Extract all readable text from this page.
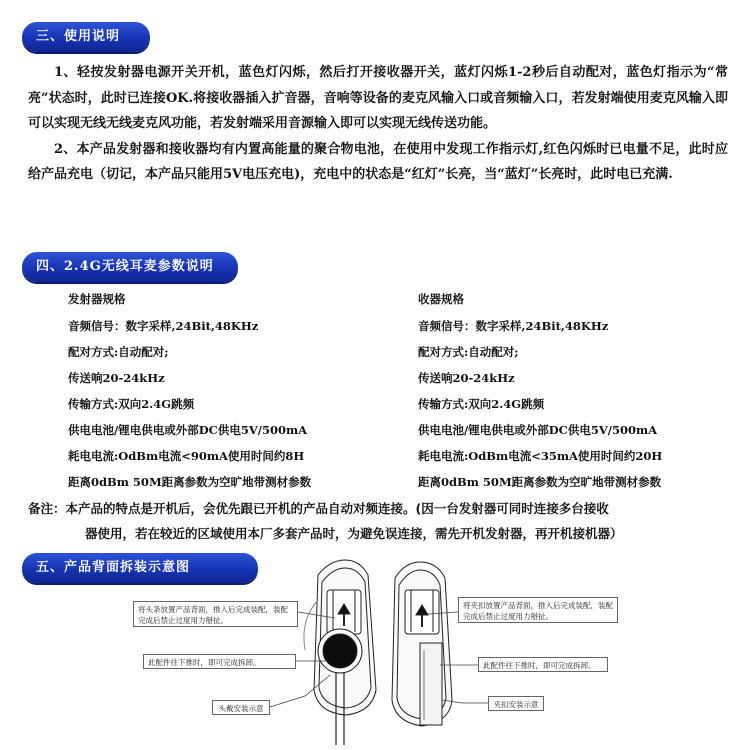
三、使用说明

1、轻按发射器电源开关开机，蓝色灯闪烁，然后打开接收器开关，蓝灯闪烁1-2秒后自动配对，蓝色灯指示为“常亮”状态时，此时已连接OK.将接收器插入扩音器，音响等设备的麦克风输入口或音频输入口，若发射端使用麦克风输入即可以实现无线无线麦克风功能，若发射端采用音源输入即可以实现无线传送功能。

2、本产品发射器和接收器均有内置高能量的聚合物电池，在使用中发现工作指示灯,红色闪烁时已电量不足，此时应给产品充电（切记，本产品只能用5V电压充电)，充电中的状态是“红灯”长亮，当“蓝灯”长亮时，此时电已充满.

四、2.4G无线耳麦参数说明
发射器规格
音频信号：数字采样,24Bit,48KHz
配对方式:自动配对;
传送响20-24kHz
传输方式:双向2.4G跳频
供电电池/锂电供电或外部DC供电5V/500mA
耗电电流:OdBm电流<90mA使用时间约8H
距离0dBm 50M距离参数为空旷地带测材参数
收器规格
音频信号：数字采样,24Bit,48KHz
配对方式:自动配对;
传送响20-24kHz
传输方式:双向2.4G跳频
供电电池/锂电供电或外部DC供电5V/500mA
耗电电流:OdBm电流<35mA使用时间约20H
距离0dBm 50M距离参数为空旷地带测材参数
备注：本产品的特点是开机后，会优先跟已开机的产品自动对频连接。(因一台发射器可同时连接多台接收
器使用，若在较近的区域使用本厂多套产品时，为避免误连接，需先开机发射器，再开机接机器）
五、产品背面拆装示意图
将头条放置产品背面，推入后完成装配，装配完成后禁止过度用力掰扯。
此配件往下推时，即可完成拆卸。
头戴安装示意
将夹扣放置产品背面，推入后完成装配，装配完成后禁止过度用力掰扯。
此配件往下推时，即可完成拆卸。
夹扣安装示意
